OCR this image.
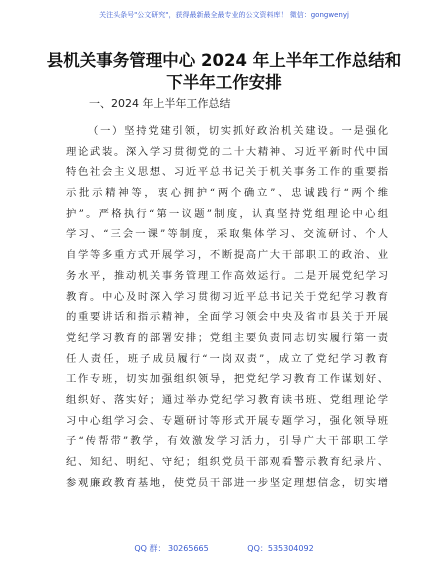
关注头条号"公文研究"，获得最新最全最专业的公文资料库！ 微信：gongwenyj
县机关事务管理中心 2024 年上半年工作总结和
下半年工作安排
一、2024 年上半年工作总结
（一）坚持党建引领，切实抓好政治机关建设。一是强化
理论武装。深入学习贯彻党的二十大精神、习近平新时代中国
特色社会主义思想、习近平总书记关于机关事务工作的重要指
示批示精神等，衷心拥护“两个确立”、忠诚践行“两个维
护”。严格执行“第一议题”制度，认真坚持党组理论中心组
学习、“三会一课”等制度，采取集体学习、交流研讨、个人
自学等多重方式开展学习，不断提高广大干部职工的政治、业
务水平，推动机关事务管理工作高效运行。二是开展党纪学习
教育。中心及时深入学习贯彻习近平总书记关于党纪学习教育
的重要讲话和指示精神，全面学习领会中央及省市县关于开展
党纪学习教育的部署安排；党组主要负责同志切实履行第一责
任人责任，班子成员履行“一岗双责”，成立了党纪学习教育
工作专班，切实加强组织领导，把党纪学习教育工作谋划好、
组织好、落实好；通过举办党纪学习教育读书班、党组理论学
习中心组学习会、专题研讨等形式开展专题学习，强化领导班
子“传帮带”教学，有效激发学习活力，引导广大干部职工学
纪、知纪、明纪、守纪；组织党员干部观看警示教育纪录片、
参观廉政教育基地，使党员干部进一步坚定理想信念，切实增
QQ 群： 30265665	QQ：535304092
